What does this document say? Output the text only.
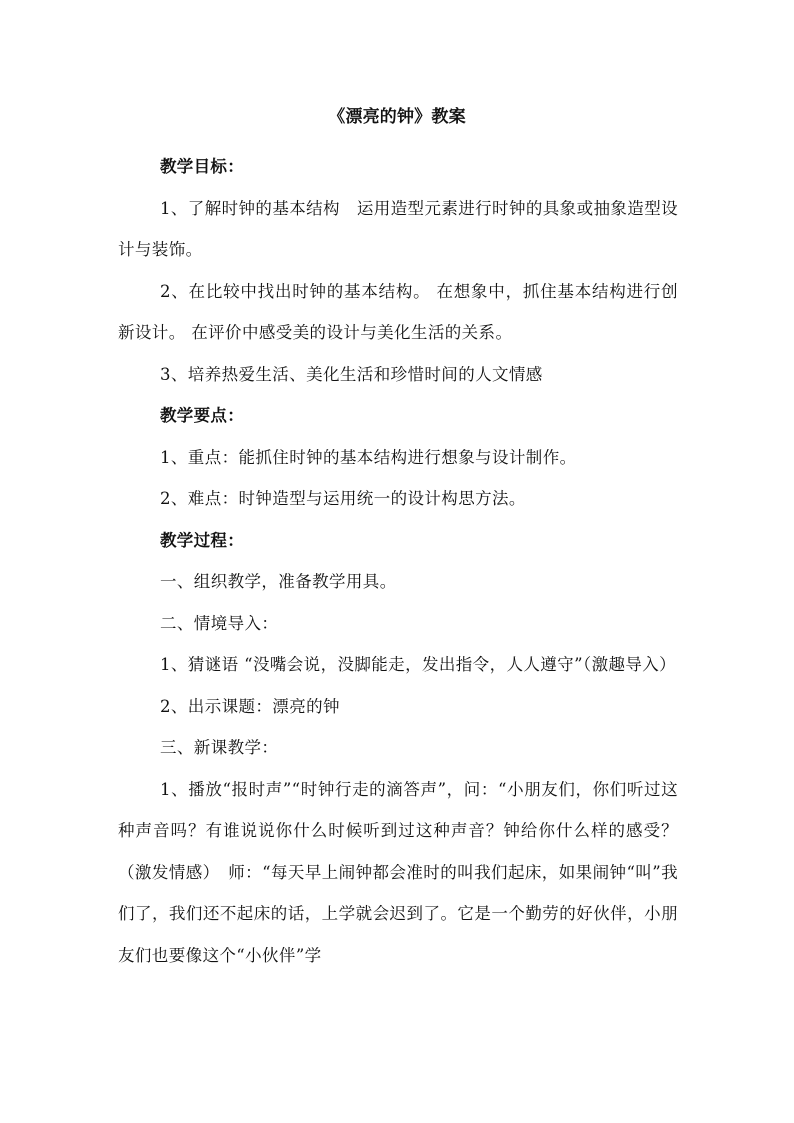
《漂亮的钟》教案

教学目标：

1、了解时钟的基本结构　运用造型元素进行时钟的具象或抽象造型设计与装饰。

2、在比较中找出时钟的基本结构。 在想象中，抓住基本结构进行创新设计。 在评价中感受美的设计与美化生活的关系。

3、培养热爱生活、美化生活和珍惜时间的人文情感

教学要点：

1、重点：能抓住时钟的基本结构进行想象与设计制作。

2、难点：时钟造型与运用统一的设计构思方法。

教学过程：

一、组织教学，准备教学用具。

二、情境导入：

1、猜谜语 “没嘴会说，没脚能走，发出指令，人人遵守”（激趣导入）

2、出示课题：漂亮的钟

三、新课教学：

1、播放“报时声”“时钟行走的滴答声”，问：“小朋友们，你们听过这种声音吗？有谁说说你什么时候听到过这种声音？钟给你什么样的感受？（激发情感）　师：“每天早上闹钟都会准时的叫我们起床，如果闹钟“叫”我们了，我们还不起床的话，上学就会迟到了。它是一个勤劳的好伙伴，小朋友们也要像这个“小伙伴”学
